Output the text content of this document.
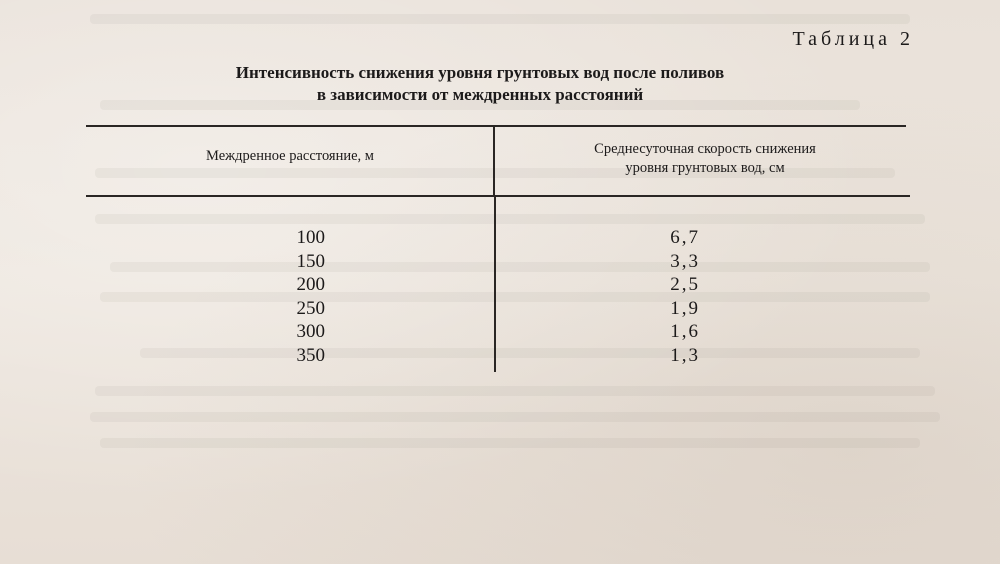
Таблица 2
Интенсивность снижения уровня грунтовых вод после поливов
в зависимости от междренных расстояний
Междренное расстояние, м	Среднесуточная скорость снижения
уровня грунтовых вод, см
100
150
200
250
300
350
6,7
3,3
2,5
1,9
1,6
1,3
